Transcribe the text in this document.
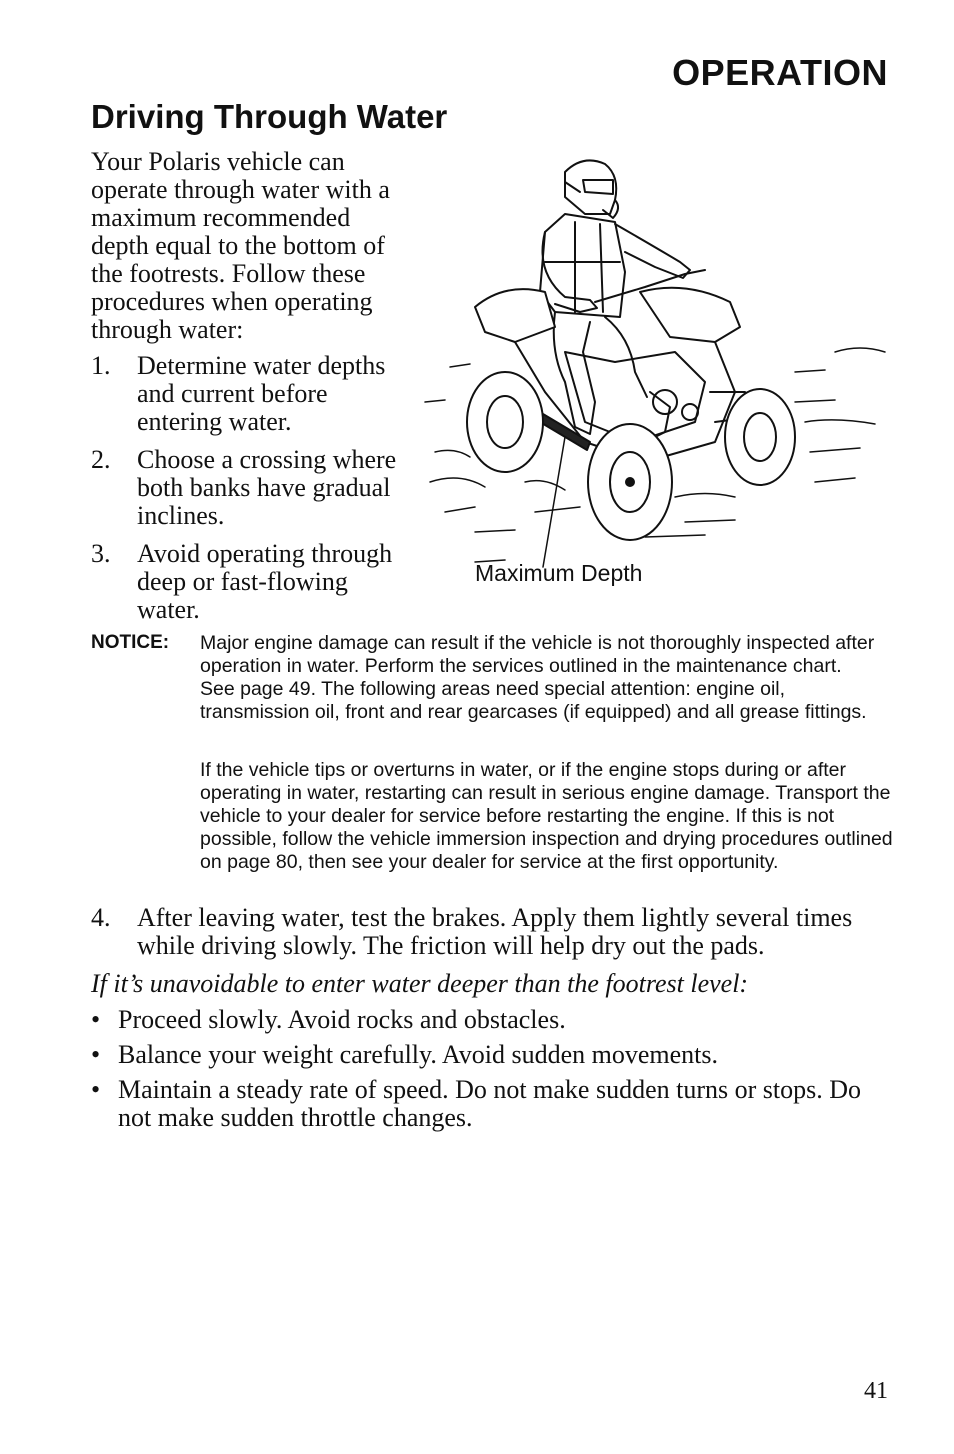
OPERATION
Driving Through Water

Your Polaris vehicle can operate through water with a maximum recommended depth equal to the bottom of the footrests. Follow these procedures when operating through water:

1. Determine water depths and current before entering water.
2. Choose a crossing where both banks have gradual inclines.
3. Avoid operating through deep or fast-flowing water.
Maximum Depth
NOTICE: Major engine damage can result if the vehicle is not thoroughly inspected after operation in water. Perform the services outlined in the maintenance chart. See page 49. The following areas need special attention: engine oil, transmission oil, front and rear gearcases (if equipped) and all grease fittings.

If the vehicle tips or overturns in water, or if the engine stops during or after operating in water, restarting can result in serious engine damage. Transport the vehicle to your dealer for service before restarting the engine. If this is not possible, follow the vehicle immersion inspection and drying procedures outlined on page 80, then see your dealer for service at the first opportunity.

4. After leaving water, test the brakes. Apply them lightly several times while driving slowly. The friction will help dry out the pads.

If it’s unavoidable to enter water deeper than the footrest level:

• Proceed slowly. Avoid rocks and obstacles.
• Balance your weight carefully. Avoid sudden movements.
• Maintain a steady rate of speed. Do not make sudden turns or stops. Do not make sudden throttle changes.
41
